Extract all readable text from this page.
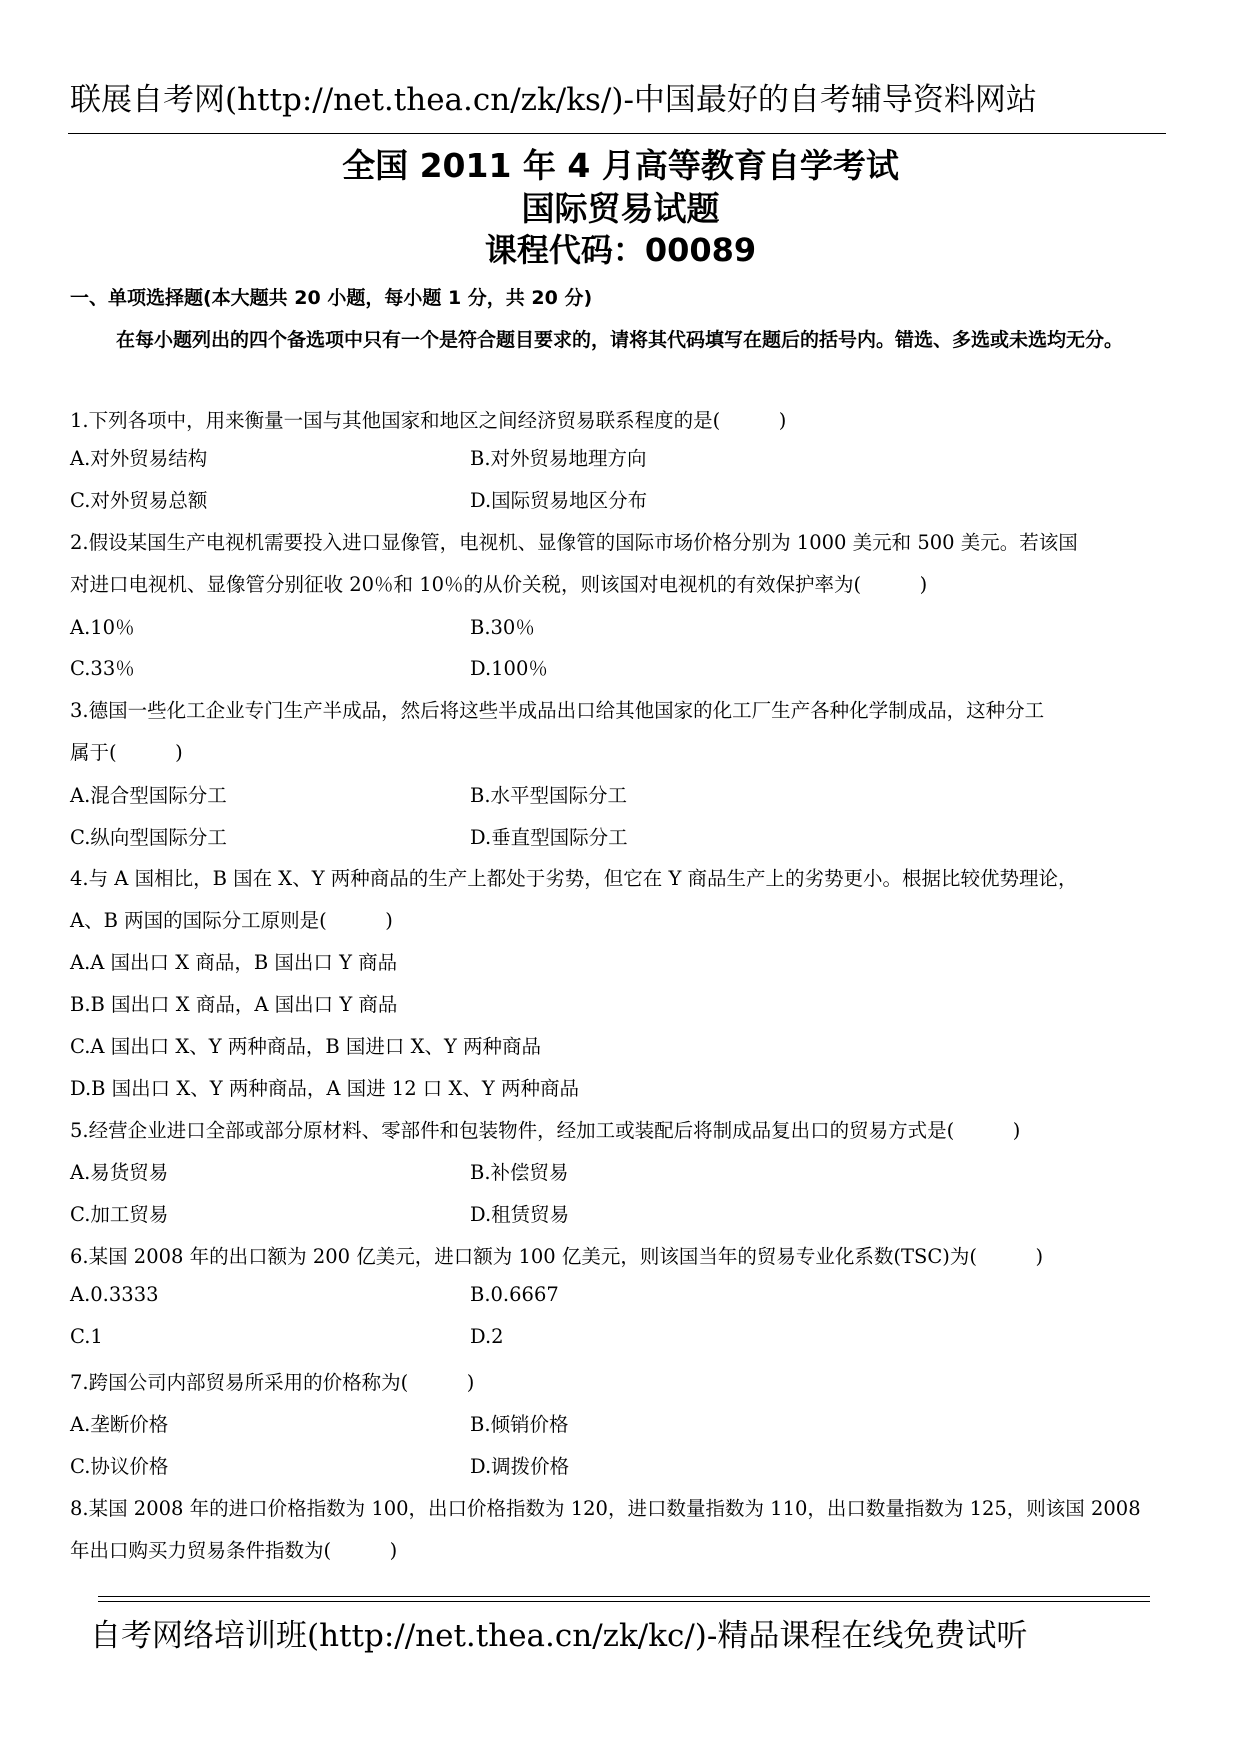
联展自考网(http://net.thea.cn/zk/ks/)-中国最好的自考辅导资料网站
全国 2011 年 4 月高等教育自学考试
国际贸易试题
课程代码：00089
一、单项选择题(本大题共 20 小题，每小题 1 分，共 20 分)
在每小题列出的四个备选项中只有一个是符合题目要求的，请将其代码填写在题后的括号内。错选、多选或未选均无分。
1.下列各项中，用来衡量一国与其他国家和地区之间经济贸易联系程度的是(　　　)
A.对外贸易结构	B.对外贸易地理方向
C.对外贸易总额	D.国际贸易地区分布
2.假设某国生产电视机需要投入进口显像管，电视机、显像管的国际市场价格分别为 1000 美元和 500 美元。若该国
对进口电视机、显像管分别征收 20％和 10％的从价关税，则该国对电视机的有效保护率为(　　　)
A.10％	B.30％
C.33％	D.100％
3.德国一些化工企业专门生产半成品，然后将这些半成品出口给其他国家的化工厂生产各种化学制成品，这种分工
属于(　　　)
A.混合型国际分工	B.水平型国际分工
C.纵向型国际分工	D.垂直型国际分工
4.与 A 国相比，B 国在 X、Y 两种商品的生产上都处于劣势，但它在 Y 商品生产上的劣势更小。根据比较优势理论，
A、B 两国的国际分工原则是(　　　)
A.A 国出口 X 商品，B 国出口 Y 商品
B.B 国出口 X 商品，A 国出口 Y 商品
C.A 国出口 X、Y 两种商品，B 国进口 X、Y 两种商品
D.B 国出口 X、Y 两种商品，A 国进 12 口 X、Y 两种商品
5.经营企业进口全部或部分原材料、零部件和包装物件，经加工或装配后将制成品复出口的贸易方式是(　　　)
A.易货贸易	B.补偿贸易
C.加工贸易	D.租赁贸易
6.某国 2008 年的出口额为 200 亿美元，进口额为 100 亿美元，则该国当年的贸易专业化系数(TSC)为(　　　)
A.0.3333	B.0.6667
C.1	D.2
7.跨国公司内部贸易所采用的价格称为(　　　)
A.垄断价格	B.倾销价格
C.协议价格	D.调拨价格
8.某国 2008 年的进口价格指数为 100，出口价格指数为 120，进口数量指数为 110，出口数量指数为 125，则该国 2008
年出口购买力贸易条件指数为(　　　)
自考网络培训班(http://net.thea.cn/zk/kc/)-精品课程在线免费试听
